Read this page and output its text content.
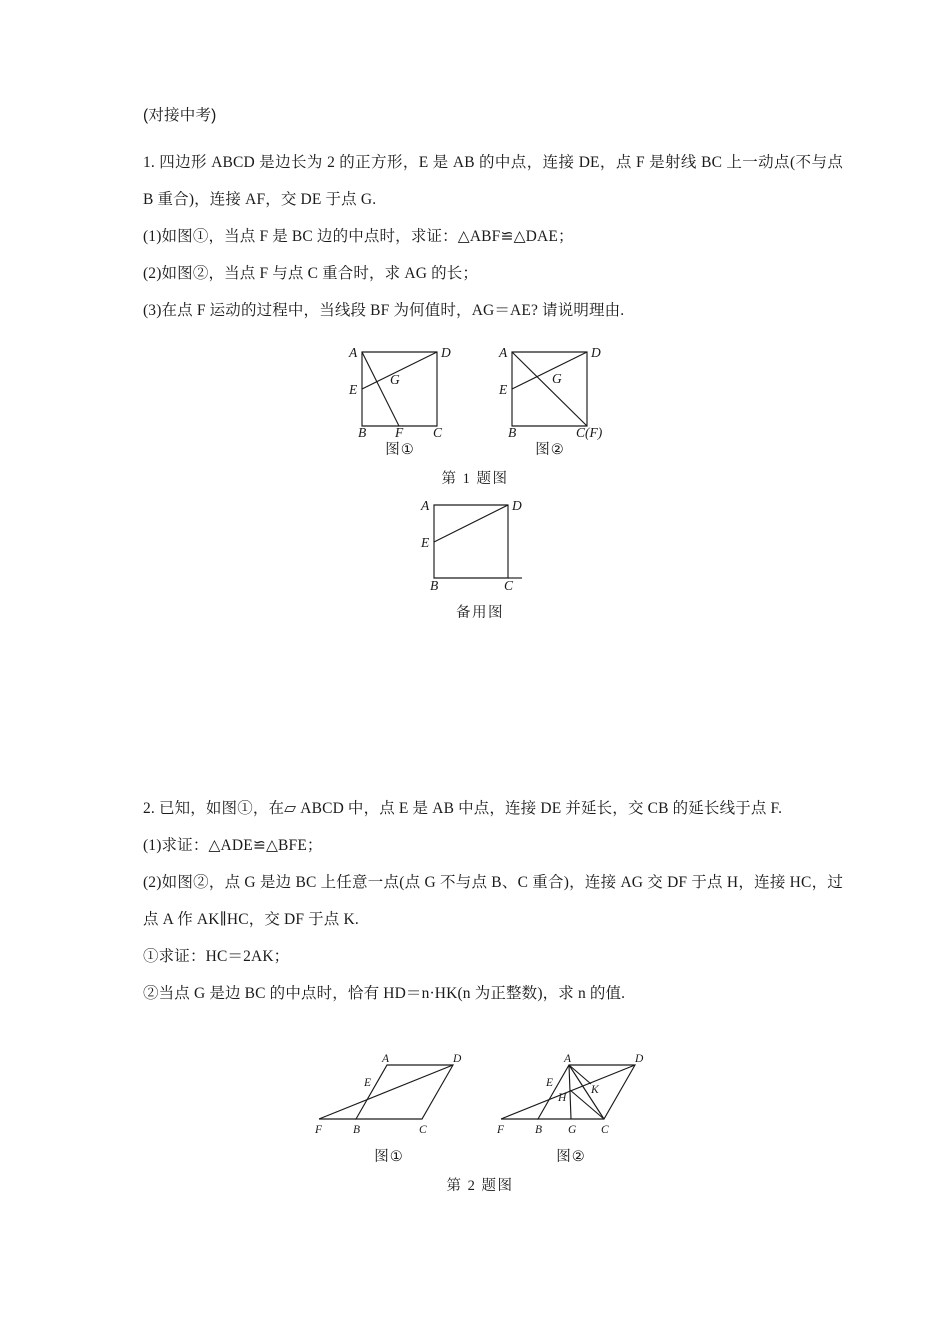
(对接中考)

1. 四边形 ABCD 是边长为 2 的正方形，E 是 AB 的中点，连接 DE，点 F 是射线 BC 上一动点(不与点 B 重合)，连接 AF，交 DE 于点 G.

(1)如图①，当点 F 是 BC 边的中点时，求证：△ABF≌△DAE；

(2)如图②，当点 F 与点 C 重合时，求 AG 的长；

(3)在点 F 运动的过程中，当线段 BF 为何值时，AG＝AE? 请说明理由.

A	D
E
G
B F C
图①
A	D
E
G
B	C(F)
图②
第 1 题图
A	D
E
B	C
备用图

2. 已知，如图①，在▱ ABCD 中，点 E 是 AB 中点，连接 DE 并延长，交 CB 的延长线于点 F.

(1)求证：△ADE≌△BFE；

(2)如图②，点 G 是边 BC 上任意一点(点 G 不与点 B、C 重合)，连接 AG 交 DF 于点 H，连接 HC，过点 A 作 AK∥HC，交 DF 于点 K.

①求证：HC＝2AK；

②当点 G 是边 BC 的中点时，恰有 HD＝n·HK(n 为正整数)，求 n 的值.

A	D
E
F	B	C
图①
A	D
E
H
K
F	B G C
图②
第 2 题图
